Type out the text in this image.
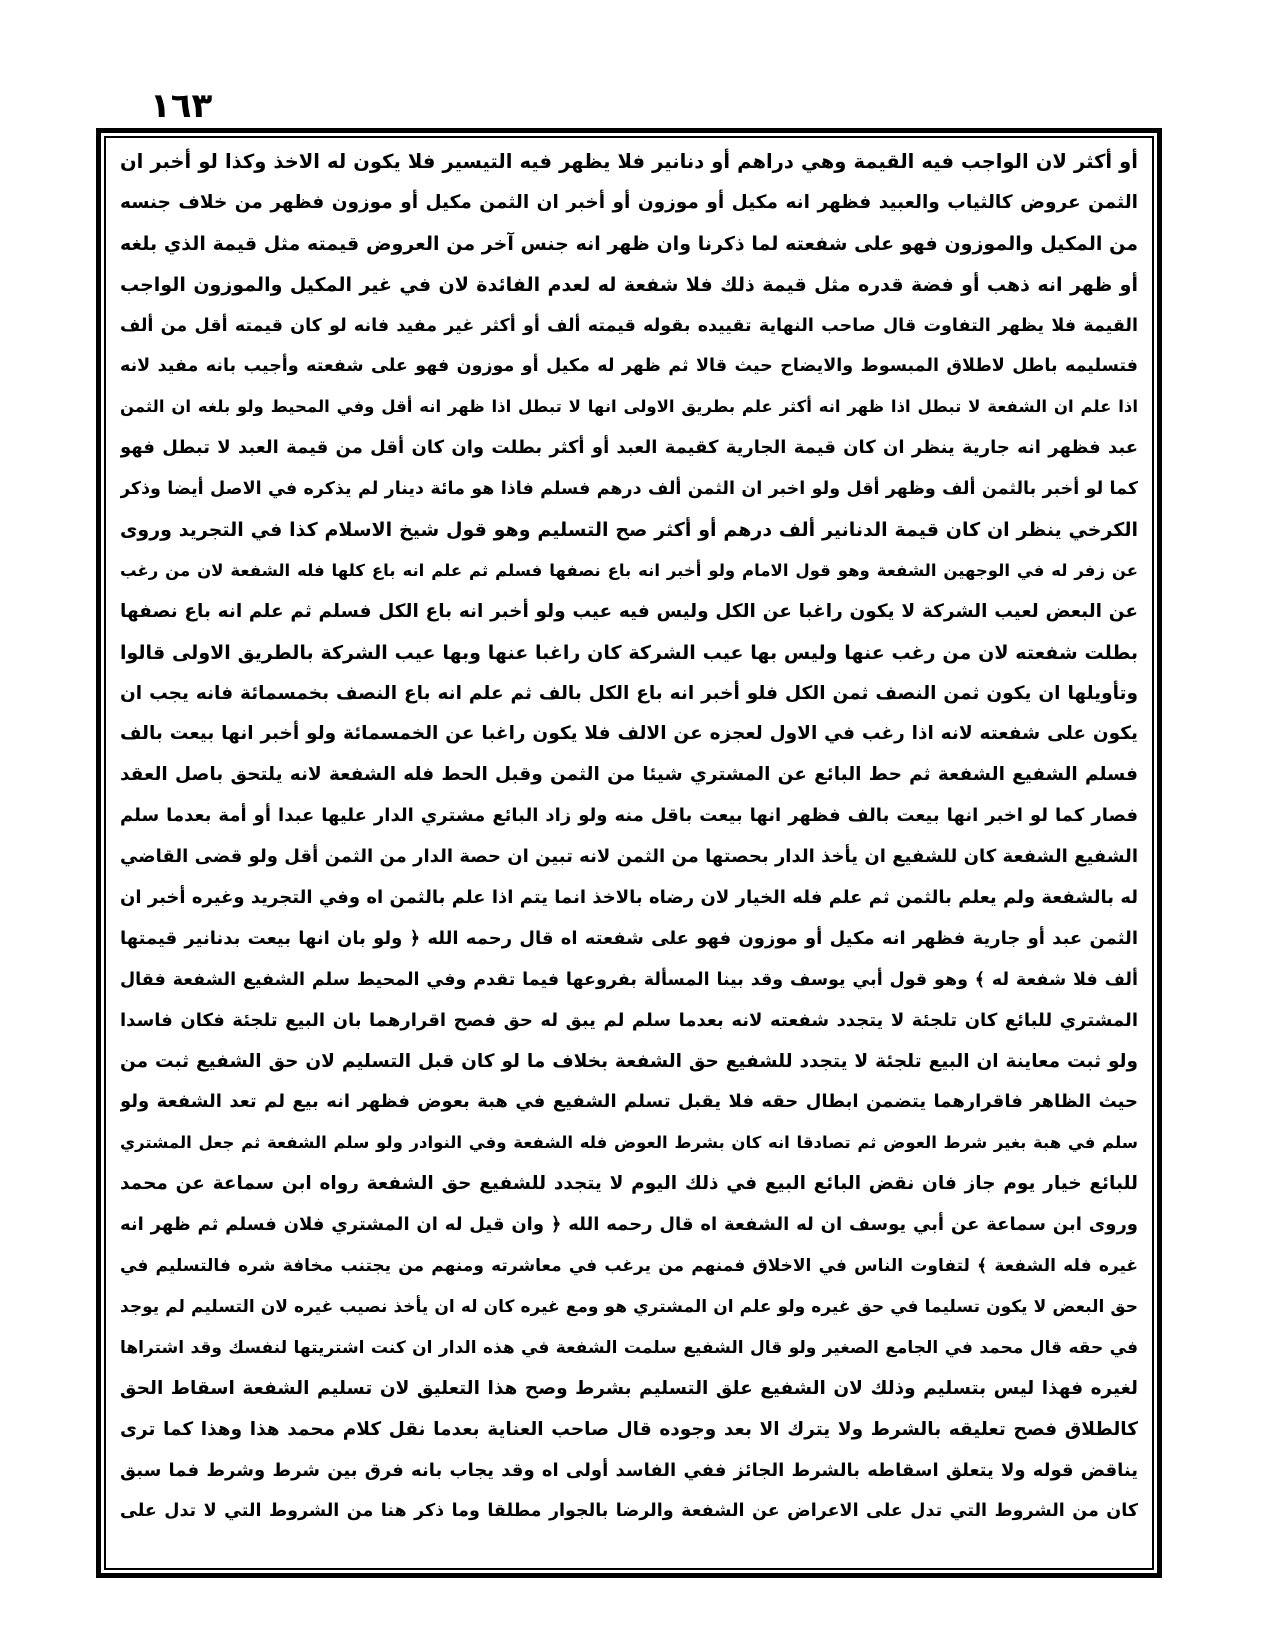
١٦٣
أو أكثر لان الواجب فيه القيمة وهي دراهم أو دنانير فلا يظهر فيه التيسير فلا يكون له الاخذ وكذا لو أخبر ان
الثمن عروض كالثياب والعبيد فظهر انه مكيل أو موزون أو أخبر ان الثمن مكيل أو موزون فظهر من خلاف جنسه
من المكيل والموزون فهو على شفعته لما ذكرنا وان ظهر انه جنس آخر من العروض قيمته مثل قيمة الذي بلغه
أو ظهر انه ذهب أو فضة قدره مثل قيمة ذلك فلا شفعة له لعدم الفائدة لان في غير المكيل والموزون الواجب
القيمة فلا يظهر التفاوت قال صاحب النهاية تقييده بقوله قيمته ألف أو أكثر غير مفيد فانه لو كان قيمته أقل من ألف
فتسليمه باطل لاطلاق المبسوط والايضاح حيث قالا ثم ظهر له مكيل أو موزون فهو على شفعته وأجيب بانه مفيد لانه
اذا علم ان الشفعة لا تبطل اذا ظهر انه أكثر علم بطريق الاولى انها لا تبطل اذا ظهر انه أقل وفي المحيط ولو بلغه ان الثمن
عبد فظهر انه جارية ينظر ان كان قيمة الجارية كقيمة العبد أو أكثر بطلت وان كان أقل من قيمة العبد لا تبطل فهو
كما لو أخبر بالثمن ألف وظهر أقل ولو اخبر ان الثمن ألف درهم فسلم فاذا هو مائة دينار لم يذكره في الاصل أيضا وذكر
الكرخي ينظر ان كان قيمة الدنانير ألف درهم أو أكثر صح التسليم وهو قول شيخ الاسلام كذا في التجريد وروى
عن زفر له في الوجهين الشفعة وهو قول الامام ولو أخبر انه باع نصفها فسلم ثم علم انه باع كلها فله الشفعة لان من رغب
عن البعض لعيب الشركة لا يكون راغبا عن الكل وليس فيه عيب ولو أخبر انه باع الكل فسلم ثم علم انه باع نصفها
بطلت شفعته لان من رغب عنها وليس بها عيب الشركة كان راغبا عنها وبها عيب الشركة بالطريق الاولى قالوا
وتأويلها ان يكون ثمن النصف ثمن الكل فلو أخبر انه باع الكل بالف ثم علم انه باع النصف بخمسمائة فانه يجب ان
يكون على شفعته لانه اذا رغب في الاول لعجزه عن الالف فلا يكون راغبا عن الخمسمائة ولو أخبر انها بيعت بالف
فسلم الشفيع الشفعة ثم حط البائع عن المشتري شيئا من الثمن وقبل الحط فله الشفعة لانه يلتحق باصل العقد
فصار كما لو اخبر انها بيعت بالف فظهر انها بيعت باقل منه ولو زاد البائع مشتري الدار عليها عبدا أو أمة بعدما سلم
الشفيع الشفعة كان للشفيع ان يأخذ الدار بحصتها من الثمن لانه تبين ان حصة الدار من الثمن أقل ولو قضى القاضي
له بالشفعة ولم يعلم بالثمن ثم علم فله الخيار لان رضاه بالاخذ انما يتم اذا علم بالثمن اه وفي التجريد وغيره أخبر ان
الثمن عبد أو جارية فظهر انه مكيل أو موزون فهو على شفعته اه قال رحمه الله ﴿ ولو بان انها بيعت بدنانير قيمتها
ألف فلا شفعة له ﴾ وهو قول أبي يوسف وقد بينا المسألة بفروعها فيما تقدم وفي المحيط سلم الشفيع الشفعة فقال
المشتري للبائع كان تلجئة لا يتجدد شفعته لانه بعدما سلم لم يبق له حق فصح اقرارهما بان البيع تلجئة فكان فاسدا
ولو ثبت معاينة ان البيع تلجئة لا يتجدد للشفيع حق الشفعة بخلاف ما لو كان قبل التسليم لان حق الشفيع ثبت من
حيث الظاهر فاقرارهما يتضمن ابطال حقه فلا يقبل تسلم الشفيع في هبة بعوض فظهر انه بيع لم تعد الشفعة ولو
سلم في هبة بغير شرط العوض ثم تصادقا انه كان بشرط العوض فله الشفعة وفي النوادر ولو سلم الشفعة ثم جعل المشتري
للبائع خيار يوم جاز فان نقض البائع البيع في ذلك اليوم لا يتجدد للشفيع حق الشفعة رواه ابن سماعة عن محمد
وروى ابن سماعة عن أبي يوسف ان له الشفعة اه قال رحمه الله ﴿ وان قيل له ان المشتري فلان فسلم ثم ظهر انه
غيره فله الشفعة ﴾ لتفاوت الناس في الاخلاق فمنهم من يرغب في معاشرته ومنهم من يجتنب مخافة شره فالتسليم في
حق البعض لا يكون تسليما في حق غيره ولو علم ان المشتري هو ومع غيره كان له ان يأخذ نصيب غيره لان التسليم لم يوجد
في حقه قال محمد في الجامع الصغير ولو قال الشفيع سلمت الشفعة في هذه الدار ان كنت اشتريتها لنفسك وقد اشتراها
لغيره فهذا ليس بتسليم وذلك لان الشفيع علق التسليم بشرط وصح هذا التعليق لان تسليم الشفعة اسقاط الحق
كالطلاق فصح تعليقه بالشرط ولا يترك الا بعد وجوده قال صاحب العناية بعدما نقل كلام محمد هذا وهذا كما ترى
يناقض قوله ولا يتعلق اسقاطه بالشرط الجائز ففي الفاسد أولى اه وقد يجاب بانه فرق بين شرط وشرط فما سبق
كان من الشروط التي تدل على الاعراض عن الشفعة والرضا بالجوار مطلقا وما ذكر هنا من الشروط التي لا تدل على
